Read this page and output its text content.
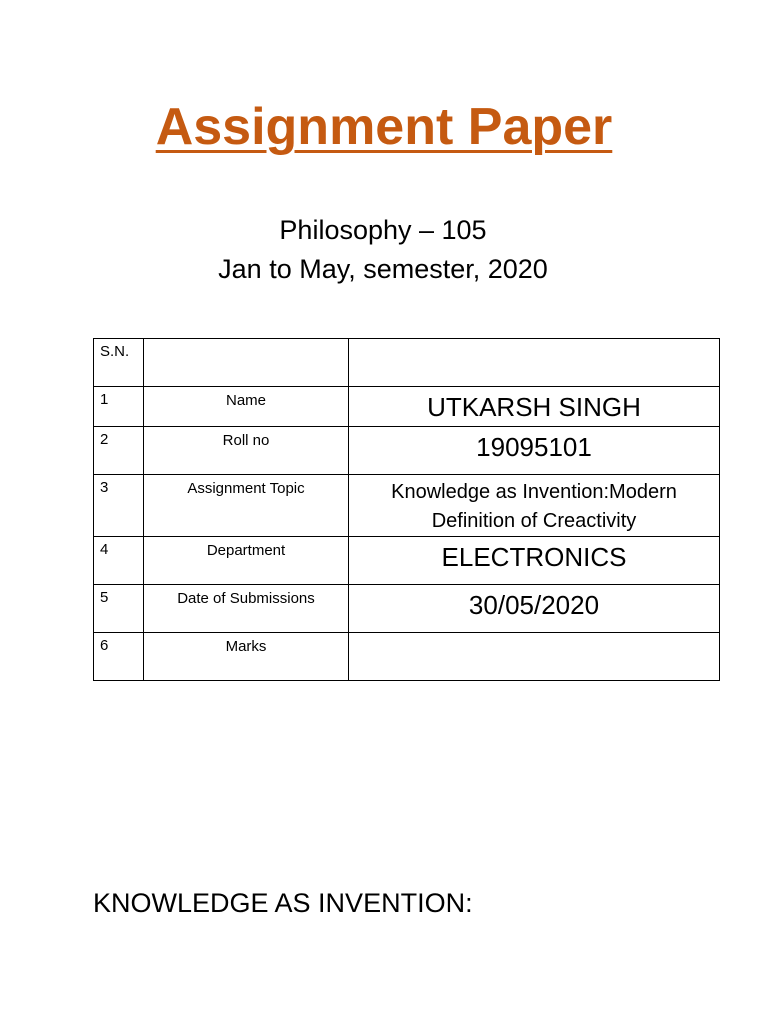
Assignment Paper
Philosophy – 105
Jan to May, semester, 2020
S.N.		

1	Name	UTKARSH SINGH

2	Roll no	19095101

3	Assignment Topic	Knowledge as Invention:Modern Definition of Creactivity

4	Department	ELECTRONICS

5	Date of Submissions	30/05/2020

6	Marks	

KNOWLEDGE AS INVENTION:
